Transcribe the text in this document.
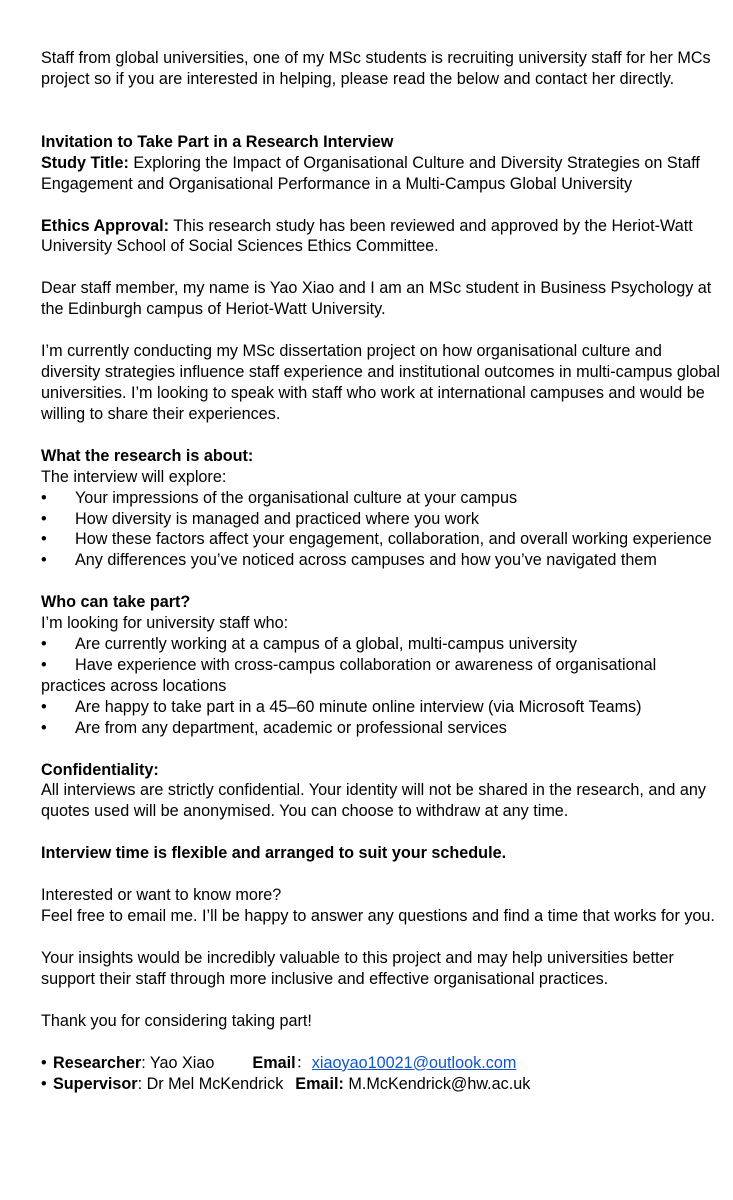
Staff from global universities, one of my MSc students is recruiting university staff for her MCs project so if you are interested in helping, please read the below and contact her directly.

Invitation to Take Part in a Research Interview

Study Title: Exploring the Impact of Organisational Culture and Diversity Strategies on Staff Engagement and Organisational Performance in a Multi-Campus Global University

Ethics Approval: This research study has been reviewed and approved by the Heriot-Watt University School of Social Sciences Ethics Committee.

Dear staff member, my name is Yao Xiao and I am an MSc student in Business Psychology at the Edinburgh campus of Heriot-Watt University.

I’m currently conducting my MSc dissertation project on how organisational culture and diversity strategies influence staff experience and institutional outcomes in multi-campus global universities. I’m looking to speak with staff who work at international campuses and would be willing to share their experiences.

What the research is about:

The interview will explore:

• Your impressions of the organisational culture at your campus
• How diversity is managed and practiced where you work
• How these factors affect your engagement, collaboration, and overall working experience
• Any differences you’ve noticed across campuses and how you’ve navigated them

Who can take part?

I’m looking for university staff who:

• Are currently working at a campus of a global, multi-campus university
• Have experience with cross-campus collaboration or awareness of organisational practices across locations
• Are happy to take part in a 45–60 minute online interview (via Microsoft Teams)
• Are from any department, academic or professional services

Confidentiality:

All interviews are strictly confidential. Your identity will not be shared in the research, and any quotes used will be anonymised. You can choose to withdraw at any time.

Interview time is flexible and arranged to suit your schedule.

Interested or want to know more?

Feel free to email me. I’ll be happy to answer any questions and find a time that works for you.

Your insights would be incredibly valuable to this project and may help universities better support their staff through more inclusive and effective organisational practices.

Thank you for considering taking part!

• Researcher: Yao Xiao Email：xiaoyao10021@outlook.com
• Supervisor: Dr Mel McKendrick Email: M.McKendrick@hw.ac.uk
